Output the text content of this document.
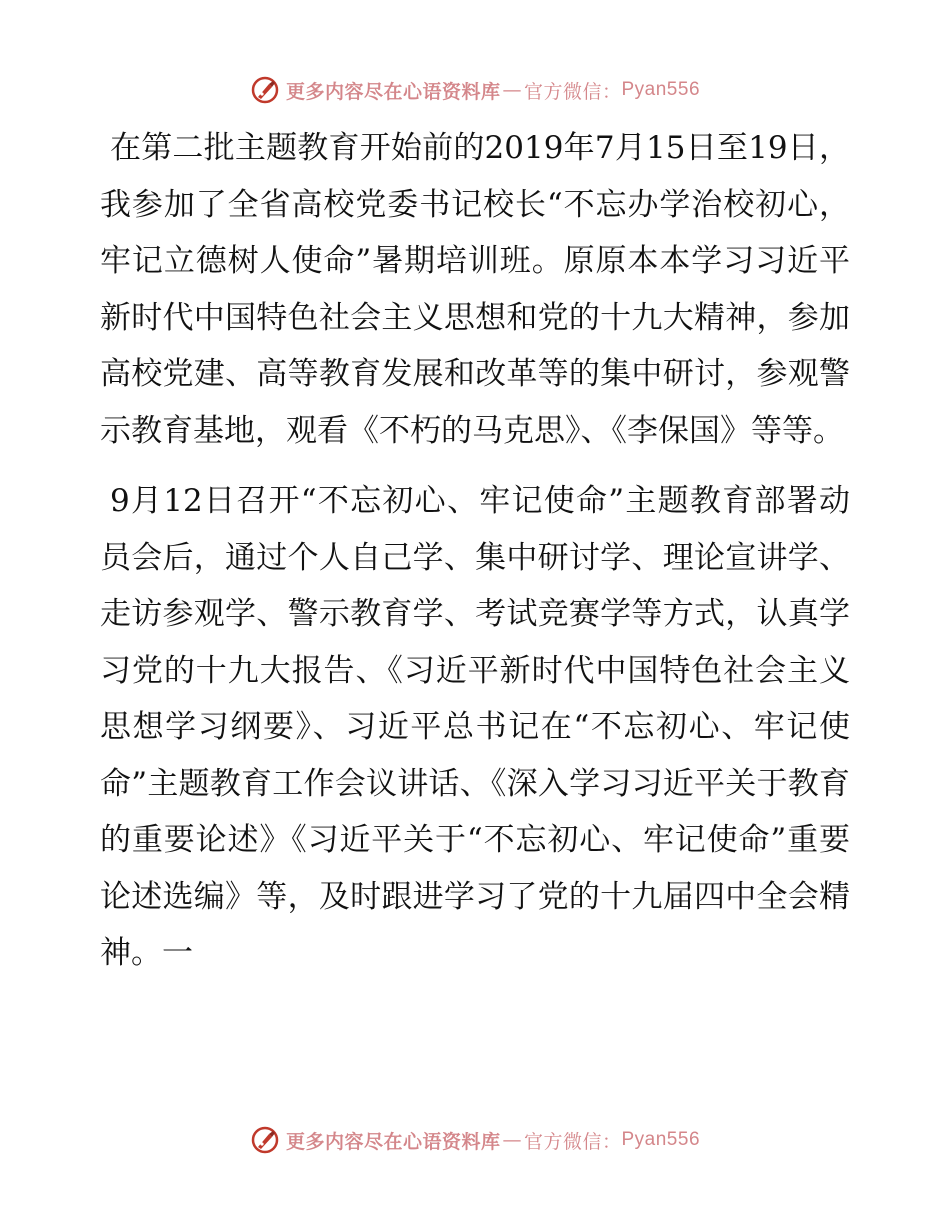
更多内容尽在心语资料库 — 官方微信： Pyan556

在第二批主题教育开始前的2019年7月15日至19日，我参加了全省高校党委书记校长“不忘办学治校初心，牢记立德树人使命”暑期培训班。原原本本学习习近平新时代中国特色社会主义思想和党的十九大精神，参加高校党建、高等教育发展和改革等的集中研讨，参观警示教育基地，观看《不朽的马克思》、《李保国》等等。

9月12日召开“不忘初心、牢记使命”主题教育部署动员会后，通过个人自己学、集中研讨学、理论宣讲学、走访参观学、警示教育学、考试竞赛学等方式，认真学习党的十九大报告、《习近平新时代中国特色社会主义思想学习纲要》、习近平总书记在“不忘初心、牢记使命”主题教育工作会议讲话、《深入学习习近平关于教育的重要论述》《习近平关于“不忘初心、牢记使命”重要论述选编》等，及时跟进学习了党的十九届四中全会精神。一

更多内容尽在心语资料库 — 官方微信： Pyan556
